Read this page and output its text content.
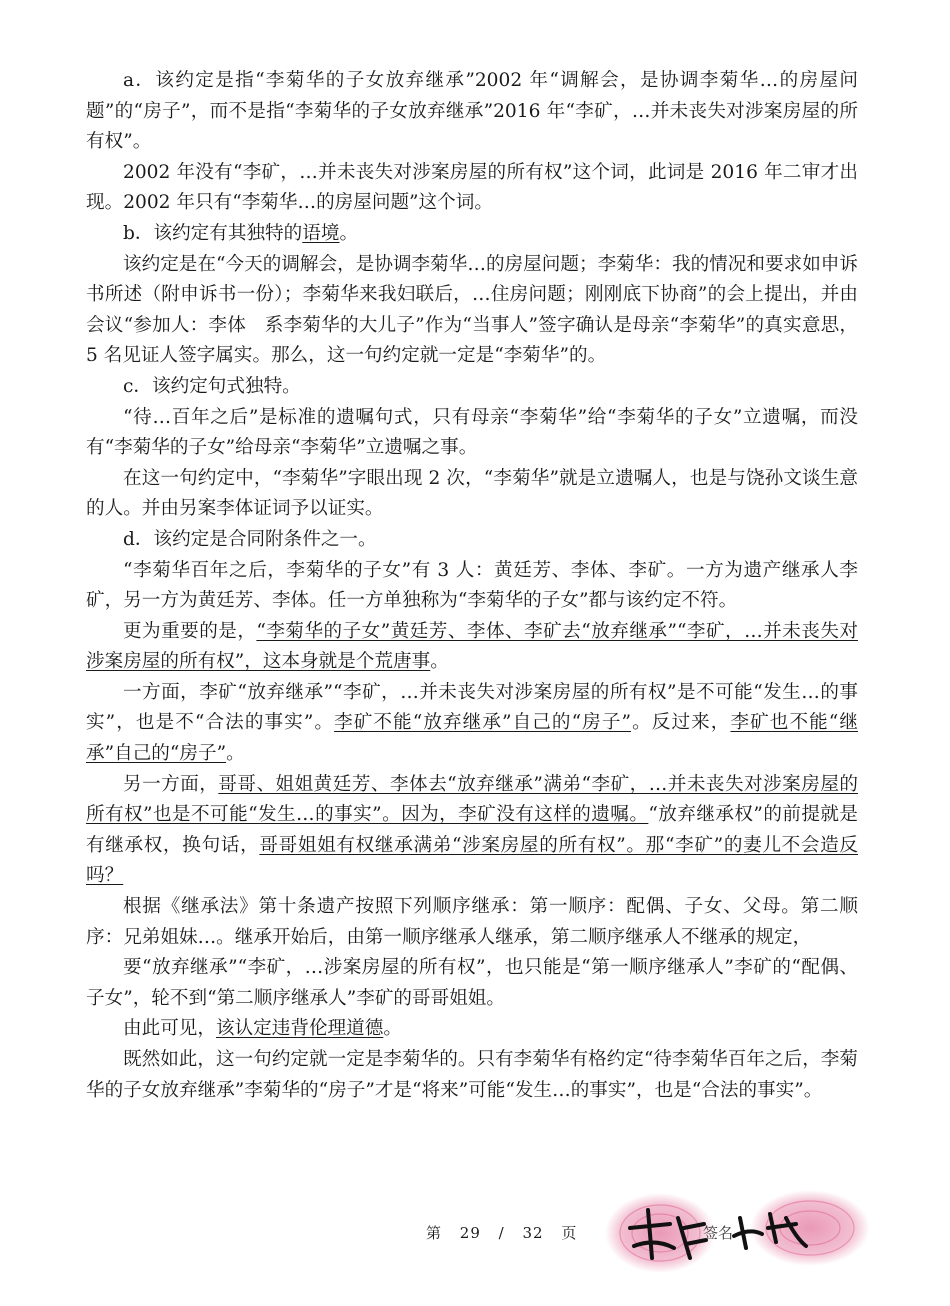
a．该约定是指“李菊华的子女放弃继承”2002 年“调解会，是协调李菊华…的房屋问题”的“房子”，而不是指“李菊华的子女放弃继承”2016 年“李矿，…并未丧失对涉案房屋的所有权”。

2002 年没有“李矿，…并未丧失对涉案房屋的所有权”这个词，此词是 2016 年二审才出现。2002 年只有“李菊华…的房屋问题”这个词。

b．该约定有其独特的语境。

该约定是在“今天的调解会，是协调李菊华…的房屋问题；李菊华：我的情况和要求如申诉书所述（附申诉书一份）；李菊华来我妇联后，…住房问题；刚刚底下协商”的会上提出，并由会议“参加人：李体　系李菊华的大儿子”作为“当事人”签字确认是母亲“李菊华”的真实意思，5 名见证人签字属实。那么，这一句约定就一定是“李菊华”的。

c．该约定句式独特。

“待…百年之后”是标准的遗嘱句式，只有母亲“李菊华”给“李菊华的子女”立遗嘱，而没有“李菊华的子女”给母亲“李菊华”立遗嘱之事。

在这一句约定中，“李菊华”字眼出现 2 次，“李菊华”就是立遗嘱人，也是与饶孙文谈生意的人。并由另案李体证词予以证实。

d．该约定是合同附条件之一。

“李菊华百年之后，李菊华的子女”有 3 人：黄廷芳、李体、李矿。一方为遗产继承人李矿，另一方为黄廷芳、李体。任一方单独称为“李菊华的子女”都与该约定不符。

更为重要的是，“李菊华的子女”黄廷芳、李体、李矿去“放弃继承”“李矿，…并未丧失对涉案房屋的所有权”，这本身就是个荒唐事。

一方面，李矿“放弃继承”“李矿，…并未丧失对涉案房屋的所有权”是不可能“发生…的事实”，也是不“合法的事实”。李矿不能“放弃继承”自己的“房子”。反过来，李矿也不能“继承”自己的“房子”。

另一方面，哥哥、姐姐黄廷芳、李体去“放弃继承”满弟“李矿，…并未丧失对涉案房屋的所有权”也是不可能“发生…的事实”。因为，李矿没有这样的遗嘱。“放弃继承权”的前提就是有继承权，换句话，哥哥姐姐有权继承满弟“涉案房屋的所有权”。那“李矿”的妻儿不会造反吗？

根据《继承法》第十条遗产按照下列顺序继承：第一顺序：配偶、子女、父母。第二顺序：兄弟姐妹…。继承开始后，由第一顺序继承人继承，第二顺序继承人不继承的规定，

要“放弃继承”“李矿，…涉案房屋的所有权”，也只能是“第一顺序继承人”李矿的“配偶、子女”，轮不到“第二顺序继承人”李矿的哥哥姐姐。

由此可见，该认定违背伦理道德。

既然如此，这一句约定就一定是李菊华的。只有李菊华有格约定“待李菊华百年之后，李菊华的子女放弃继承”李菊华的“房子”才是“将来”可能“发生…的事实”，也是“合法的事实”。

第 29 / 32 页	签名
